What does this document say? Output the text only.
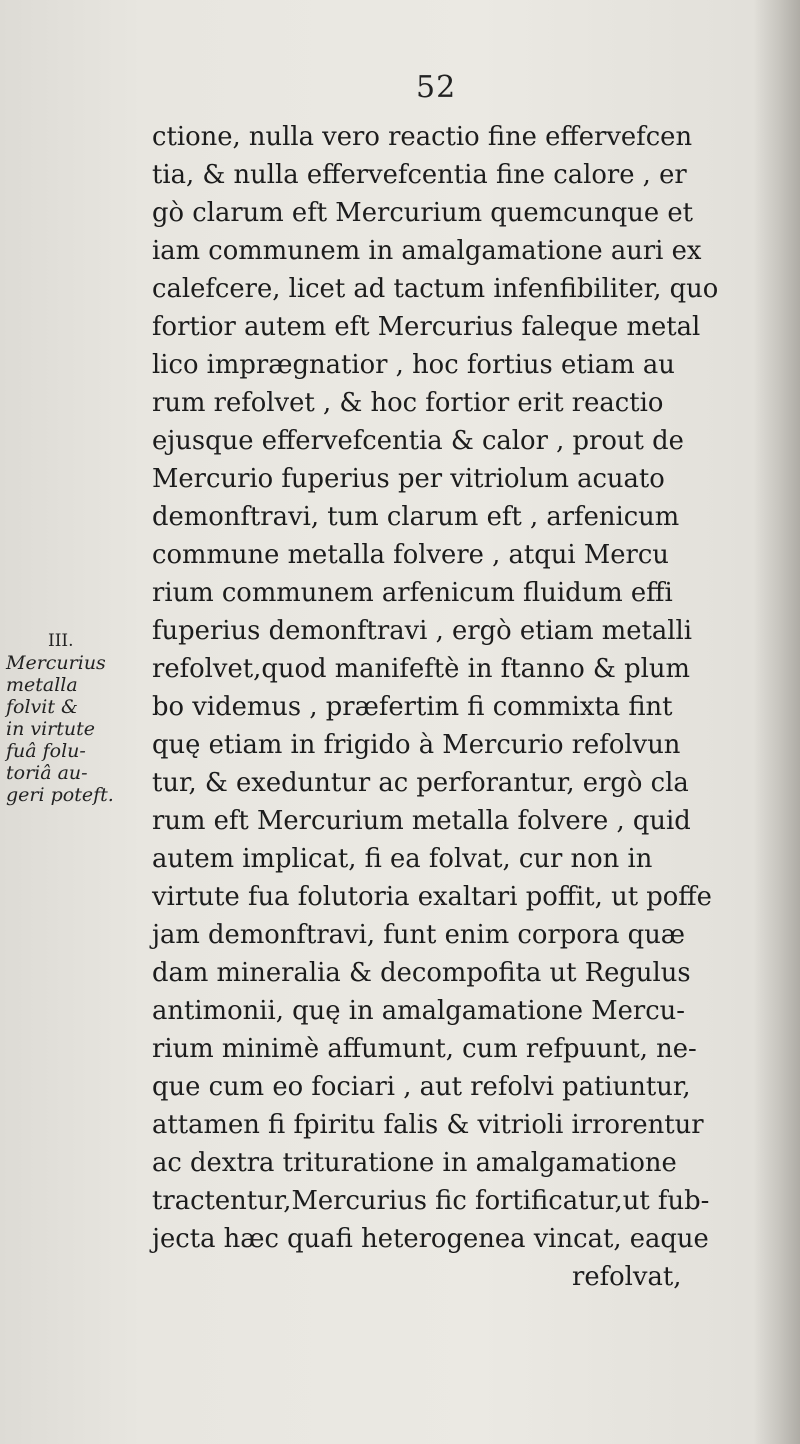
52
ctione, nulla vero reactio fine effervefcen
tia, & nulla effervefcentia fine calore , er
gò clarum eft Mercurium quemcunque et
iam communem in amalgamatione auri ex
calefcere, licet ad tactum infenfibiliter, quo
fortior autem eft Mercurius faleque metal
lico imprægnatior , hoc fortius etiam au
rum refolvet , & hoc fortior erit reactio
ejusque effervefcentia & calor , prout de
Mercurio fuperius per vitriolum acuato
demonftravi, tum clarum eft , arfenicum
commune metalla folvere , atqui Mercu
rium communem arfenicum fluidum effi
fuperius demonftravi , ergò etiam metalli
refolvet,quod manifeftè in ftanno & plum
bo videmus , præfertim fi commixta fint
quę etiam in frigido à Mercurio refolvun
tur, & exeduntur ac perforantur, ergò cla
rum eft Mercurium metalla folvere , quid
autem implicat, fi ea folvat, cur non in
virtute fua folutoria exaltari poffit, ut poffe
jam demonftravi, funt enim corpora quæ
dam mineralia & decompofita ut Regulus
antimonii, quę in amalgamatione Mercu-
rium minimè affumunt, cum refpuunt, ne-
que cum eo fociari , aut refolvi patiuntur,
attamen fi fpiritu falis & vitrioli irrorentur
ac dextra trituratione in amalgamatione
tractentur,Mercurius fic fortificatur,ut fub-
jecta hæc quafi heterogenea vincat, eaque
refolvat,
III.
Mercurius
metalla
folvit &
in virtute
fuâ folu-
toriâ au-
geri poteft.
